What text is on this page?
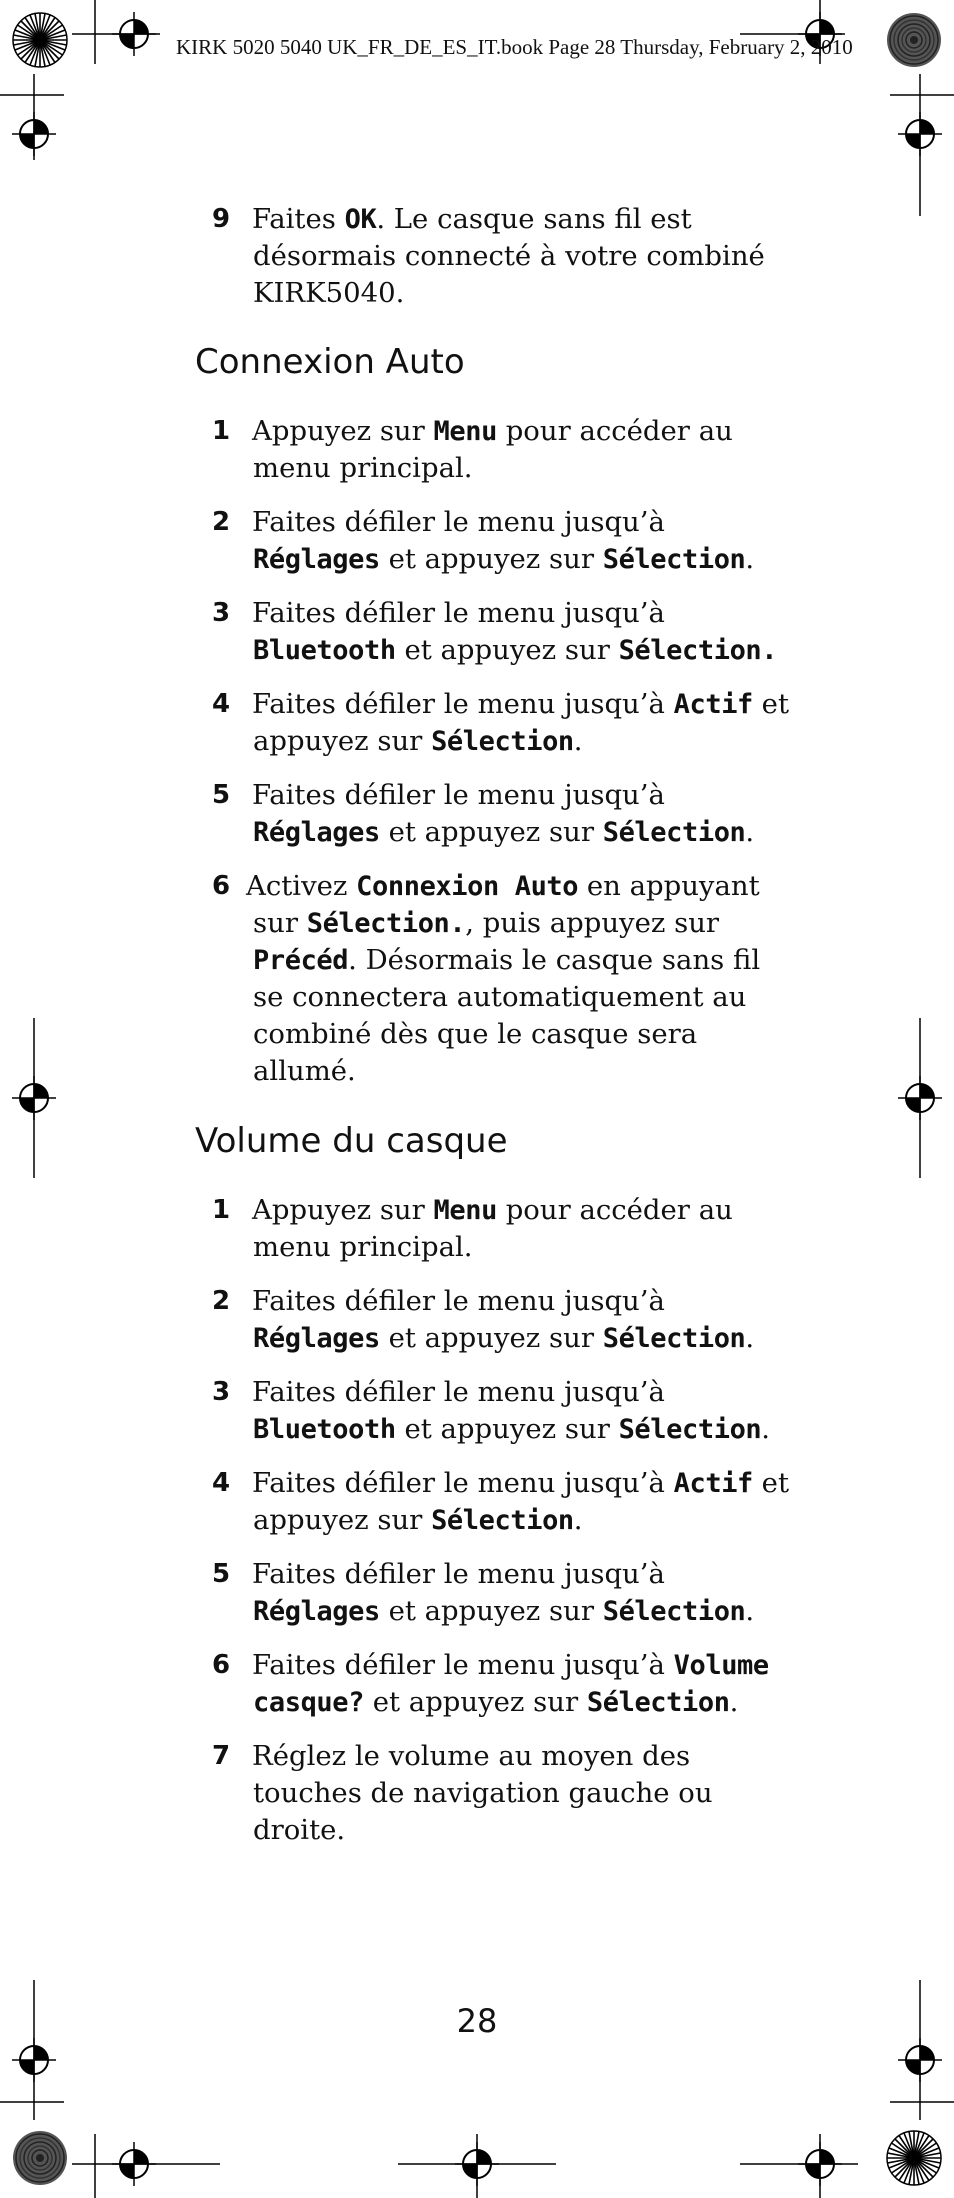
KIRK 5020 5040 UK_FR_DE_ES_IT.book Page 28 Thursday, February 2, 2010
9 Faites OK. Le casque sans fil est
désormais connecté à votre combiné
KIRK5040.
Connexion Auto
1 Appuyez sur Menu pour accéder au
menu principal.
2 Faites défiler le menu jusqu’à
Réglages et appuyez sur Sélection.
3 Faites défiler le menu jusqu’à
Bluetooth et appuyez sur Sélection.
4 Faites défiler le menu jusqu’à Actif et
appuyez sur Sélection.
5 Faites défiler le menu jusqu’à
Réglages et appuyez sur Sélection.
6 Activez Connexion Auto en appuyant
sur Sélection., puis appuyez sur
Précéd. Désormais le casque sans fil
se connectera automatiquement au
combiné dès que le casque sera
allumé.
Volume du casque
1 Appuyez sur Menu pour accéder au
menu principal.
2 Faites défiler le menu jusqu’à
Réglages et appuyez sur Sélection.
3 Faites défiler le menu jusqu’à
Bluetooth et appuyez sur Sélection.
4 Faites défiler le menu jusqu’à Actif et
appuyez sur Sélection.
5 Faites défiler le menu jusqu’à
Réglages et appuyez sur Sélection.
6 Faites défiler le menu jusqu’à Volume
casque? et appuyez sur Sélection.
7 Réglez le volume au moyen des
touches de navigation gauche ou
droite.
28
